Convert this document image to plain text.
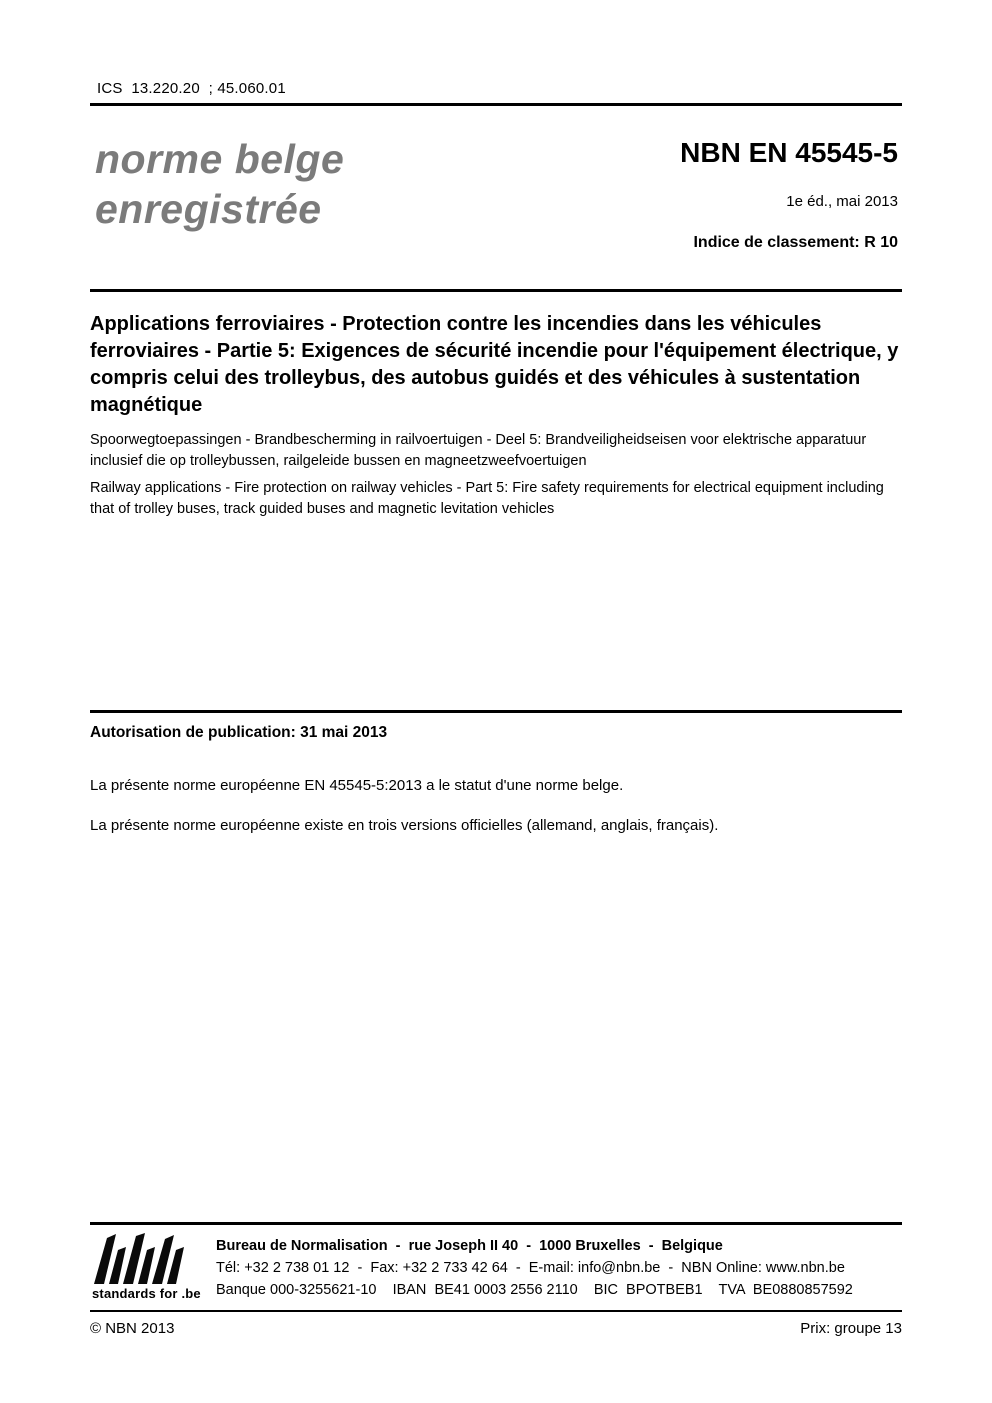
ICS  13.220.20  ; 45.060.01
norme belge
enregistrée
NBN EN 45545-5
1e éd., mai 2013
Indice de classement: R 10

Applications ferroviaires - Protection contre les incendies dans les véhicules ferroviaires - Partie 5: Exigences de sécurité incendie pour l'équipement électrique, y compris celui des trolleybus, des autobus guidés et des véhicules à sustentation magnétique

Spoorwegtoepassingen - Brandbescherming in railvoertuigen - Deel 5: Brandveiligheidseisen voor elektrische apparatuur inclusief die op trolleybussen, railgeleide bussen en magneetzweefvoertuigen

Railway applications - Fire protection on railway vehicles - Part 5: Fire safety requirements for electrical equipment including that of trolley buses, track guided buses and magnetic levitation vehicles

Autorisation de publication: 31 mai 2013

La présente norme européenne EN 45545-5:2013 a le statut d'une norme belge.

La présente norme européenne existe en trois versions officielles (allemand, anglais, français).

standards for .be
Bureau de Normalisation  -  rue Joseph II 40  -  1000 Bruxelles  -  Belgique
Tél: +32 2 738 01 12  -  Fax: +32 2 733 42 64  -  E-mail: info@nbn.be  -  NBN Online: www.nbn.be
Banque 000-3255621-10    IBAN  BE41 0003 2556 2110    BIC  BPOTBEB1    TVA  BE0880857592
© NBN 2013	Prix: groupe 13
